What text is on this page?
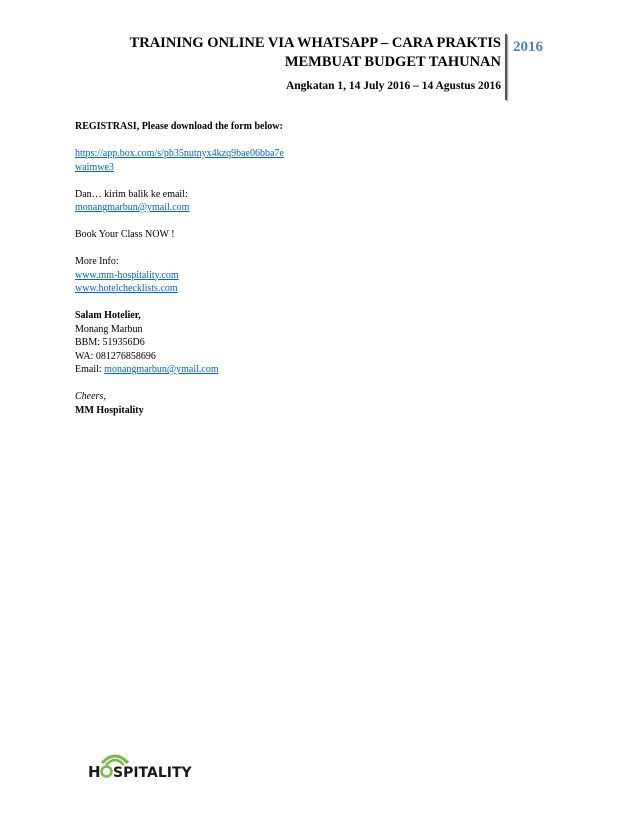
TRAINING ONLINE VIA WHATSAPP – CARA PRAKTIS
MEMBUAT BUDGET TAHUNAN
Angkatan 1, 14 July 2016 – 14 Agustus 2016
2016

REGISTRASI, Please download the form below:

https://app.box.com/s/pb35nutnyx4kzq9bae06bba7e
waimwe3

Dan… kirim balik ke email:
monangmarbun@ymail.com

Book Your Class NOW !

More Info:
www.mm-hospitality.com
www.hotelchecklists.com

Salam Hotelier,
Monang Marbun
BBM: 519356D6
WA: 081276858696
Email: monangmarbun@ymail.com

Cheers,
MM Hospitality

H SPITALITY
